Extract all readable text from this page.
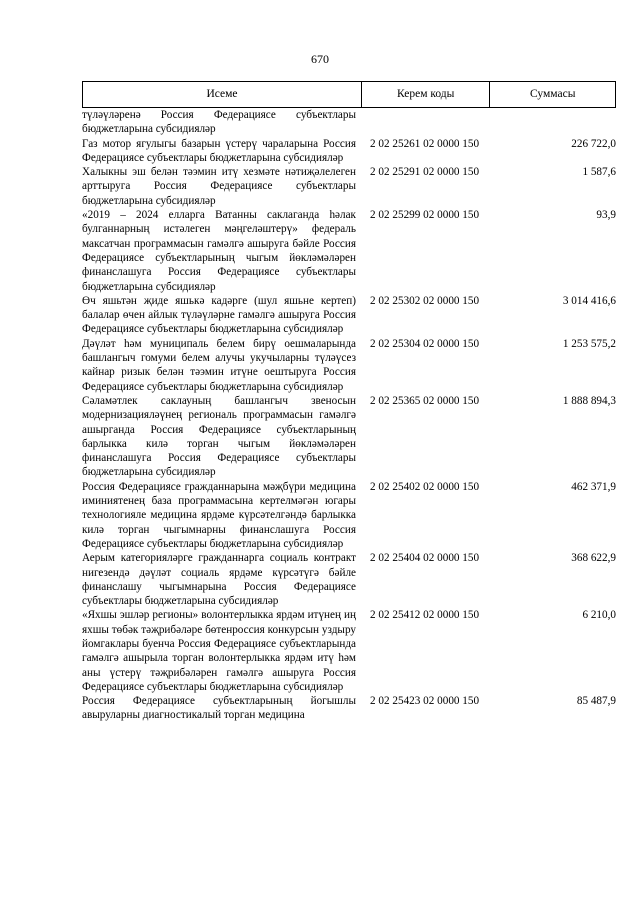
670
Исеме	Керем коды	Суммасы
түләүләренә Россия Федерациясе субъектлары бюджетларына субсидияләр
Газ мотор ягулыгы базарын үстерү чараларына Россия Федерациясе субъектлары бюджетларына субсидияләр
2 02 25261 02 0000 150	226 722,0
Халыкны эш белән тәэмин итү хезмәте нәтиҗәлелеген арттыруга Россия Федерациясе субъектлары бюджетларына субсидияләр
2 02 25291 02 0000 150	1 587,6
«2019 – 2024 елларга Ватанны саклаганда һәлак булганнарның истәлеген мәңгеләштерү» федераль максатчан программасын гамәлгә ашыруга бәйле Россия Федерациясе субъектларының чыгым йөкләмәләрен финанслашуга Россия Федерациясе субъектлары бюджетларына субсидияләр
2 02 25299 02 0000 150	93,9
Өч яшьтән җиде яшькә кадәрге (шул яшьне кертеп) балалар өчен айлык түләүләрне гамәлгә ашыруга Россия Федерациясе субъектлары бюджетларына субсидияләр
2 02 25302 02 0000 150	3 014 416,6
Дәүләт һәм муниципаль белем бирү оешмаларында башлангыч гомуми белем алучы укучыларны түләүсез кайнар ризык белән тәэмин итүне оештыруга Россия Федерациясе субъектлары бюджетларына субсидияләр
2 02 25304 02 0000 150	1 253 575,2
Сәламәтлек саклауның башлангыч звеносын модернизацияләүнең региональ программасын гамәлгә ашырганда Россия Федерациясе субъектларының барлыкка килә торган чыгым йөкләмәләрен финанслашуга Россия Федерациясе субъектлары бюджетларына субсидияләр
2 02 25365 02 0000 150	1 888 894,3
Россия Федерациясе гражданнарына мәҗбүри медицина иминиятенең база программасына кертелмәгән югары технологияле медицина ярдәме күрсәтелгәндә барлыкка килә торган чыгымнарны финанслашуга Россия Федерациясе субъектлары бюджетларына субсидияләр
2 02 25402 02 0000 150	462 371,9
Аерым категорияләрге гражданнарга социаль контракт нигезендә дәүләт социаль ярдәме күрсәтүгә бәйле финанслашу чыгымнарына Россия Федерациясе субъектлары бюджетларына субсидияләр
2 02 25404 02 0000 150	368 622,9
«Яхшы эшләр регионы» волонтерлыкка ярдәм итүнең иң яхшы төбәк тәҗрибәләре бөтенроссия конкурсын уздыру йомгаклары буенча Россия Федерациясе субъектларында гамәлгә ашырыла торган волонтерлыкка ярдәм итү һәм аны үстерү тәҗрибәләрен гамәлгә ашыруга Россия Федерациясе субъектлары бюджетларына субсидияләр
2 02 25412 02 0000 150	6 210,0
Россия Федерациясе субъектларының йогышлы авыруларны диагностикалый торган медицина
2 02 25423 02 0000 150	85 487,9
